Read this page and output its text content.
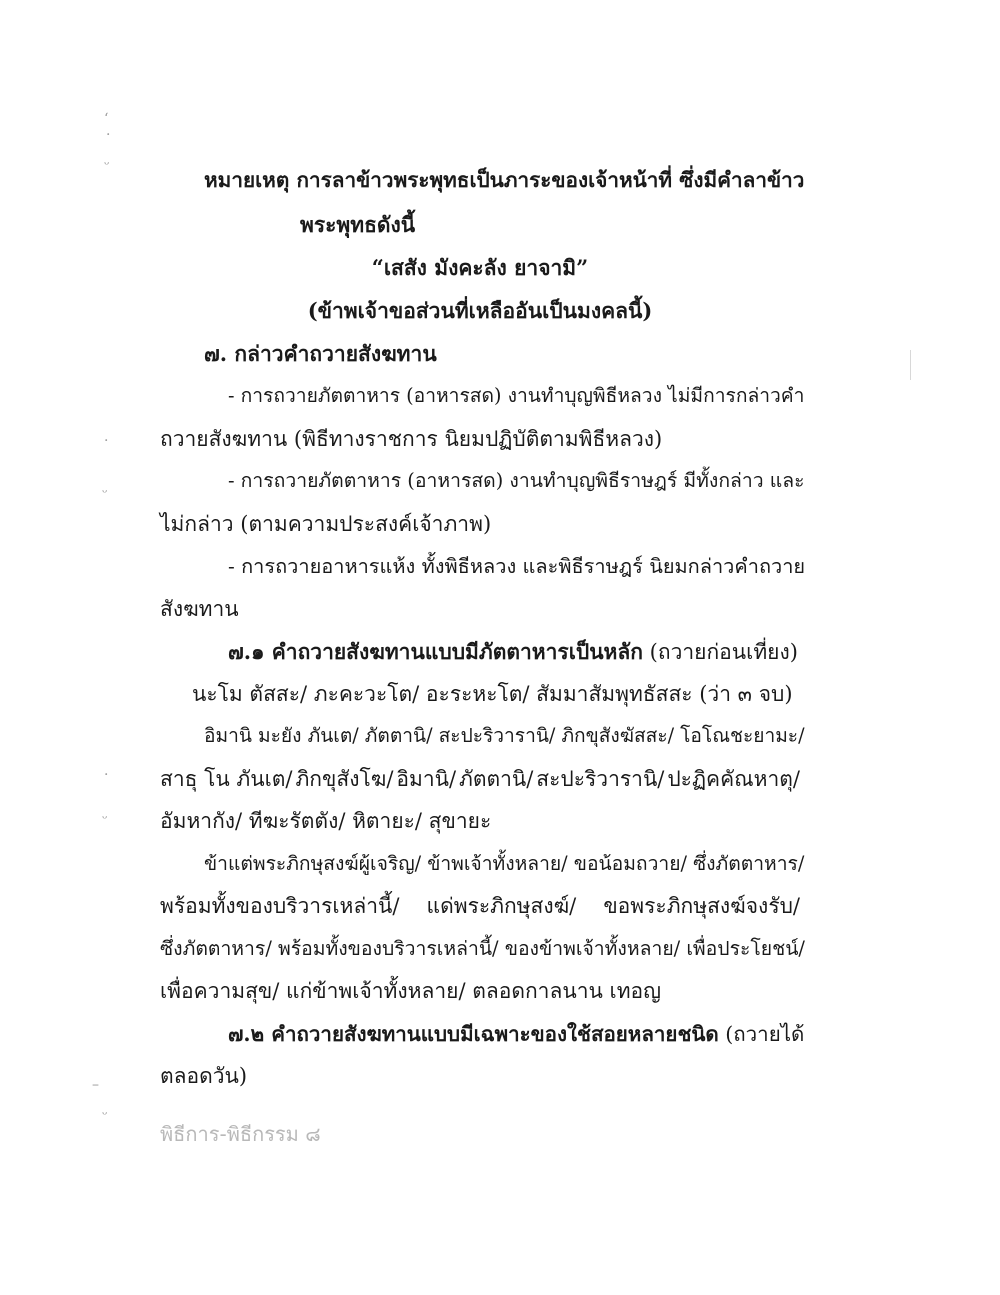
ʻ
·
ᵕ
·
ᵕ
·
ᵕ
–
ᵕ
หมายเหตุ การลาข้าวพระพุทธเป็นภาระของเจ้าหน้าที่ ซึ่งมีคำลาข้าว
พระพุทธดังนี้
“เสสัง มังคะลัง ยาจามิ”
(ข้าพเจ้าขอส่วนที่เหลืออันเป็นมงคลนี้)
๗. กล่าวคำถวายสังฆทาน
- การถวายภัตตาหาร (อาหารสด) งานทำบุญพิธีหลวง ไม่มีการกล่าวคำ
ถวายสังฆทาน (พิธีทางราชการ นิยมปฏิบัติตามพิธีหลวง)
- การถวายภัตตาหาร (อาหารสด) งานทำบุญพิธีราษฎร์ มีทั้งกล่าว และ
ไม่กล่าว (ตามความประสงค์เจ้าภาพ)
- การถวายอาหารแห้ง ทั้งพิธีหลวง และพิธีราษฎร์ นิยมกล่าวคำถวาย
สังฆทาน
๗.๑ คำถวายสังฆทานแบบมีภัตตาหารเป็นหลัก (ถวายก่อนเที่ยง)
นะโม ตัสสะ/ ภะคะวะโต/ อะระหะโต/ สัมมาสัมพุทธัสสะ (ว่า ๓ จบ)
อิมานิ มะยัง ภันเต/ ภัตตานิ/ สะปะริวารานิ/ ภิกขุสังฆัสสะ/ โอโณชะยามะ/
สาธุ โน ภันเต/ ภิกขุสังโฆ/ อิมานิ/ ภัตตานิ/ สะปะริวารานิ/ ปะฏิคคัณหาตุ/
อัมหากัง/ ทีฆะรัตตัง/ หิตายะ/ สุขายะ
ข้าแต่พระภิกษุสงฆ์ผู้เจริญ/ ข้าพเจ้าทั้งหลาย/ ขอน้อมถวาย/ ซึ่งภัตตาหาร/
พร้อมทั้งของบริวารเหล่านี้/ แด่พระภิกษุสงฆ์/ ขอพระภิกษุสงฆ์จงรับ/
ซึ่งภัตตาหาร/ พร้อมทั้งของบริวารเหล่านี้/ ของข้าพเจ้าทั้งหลาย/ เพื่อประโยชน์/
เพื่อความสุข/ แก่ข้าพเจ้าทั้งหลาย/ ตลอดกาลนาน เทอญ
๗.๒ คำถวายสังฆทานแบบมีเฉพาะของใช้สอยหลายชนิด (ถวายได้
ตลอดวัน)
พิธีการ-พิธีกรรม ๘
